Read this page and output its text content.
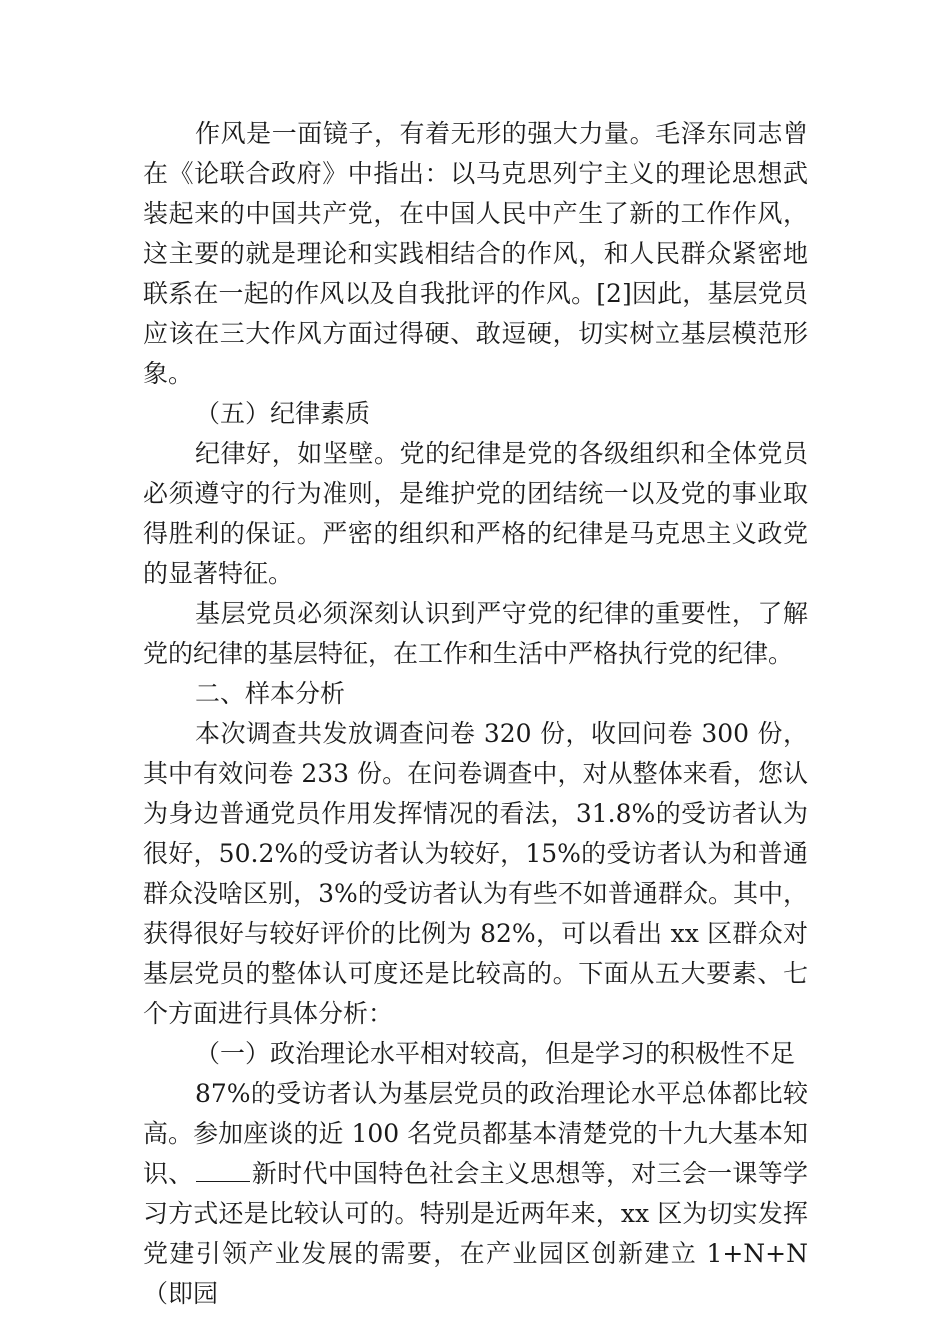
作风是一面镜子，有着无形的强大力量。毛泽东同志曾在《论联合政府》中指出：以马克思列宁主义的理论思想武装起来的中国共产党，在中国人民中产生了新的工作作风，这主要的就是理论和实践相结合的作风，和人民群众紧密地联系在一起的作风以及自我批评的作风。[2]因此，基层党员应该在三大作风方面过得硬、敢逗硬，切实树立基层模范形象。

（五）纪律素质

纪律好，如坚壁。党的纪律是党的各级组织和全体党员必须遵守的行为准则，是维护党的团结统一以及党的事业取得胜利的保证。严密的组织和严格的纪律是马克思主义政党的显著特征。

基层党员必须深刻认识到严守党的纪律的重要性，了解党的纪律的基层特征，在工作和生活中严格执行党的纪律。

二、样本分析

本次调查共发放调查问卷 320 份，收回问卷 300 份，其中有效问卷 233 份。在问卷调查中，对从整体来看，您认为身边普通党员作用发挥情况的看法，31.8%的受访者认为很好，50.2%的受访者认为较好，15%的受访者认为和普通群众没啥区别，3%的受访者认为有些不如普通群众。其中，获得很好与较好评价的比例为 82%，可以看出 xx 区群众对基层党员的整体认可度还是比较高的。下面从五大要素、七个方面进行具体分析：

（一）政治理论水平相对较高，但是学习的积极性不足

87%的受访者认为基层党员的政治理论水平总体都比较高。参加座谈的近 100 名党员都基本清楚党的十九大基本知识、 新时代中国特色社会主义思想等，对三会一课等学习方式还是比较认可的。特别是近两年来，xx 区为切实发挥党建引领产业发展的需要，在产业园区创新建立 1+N+N（即园
